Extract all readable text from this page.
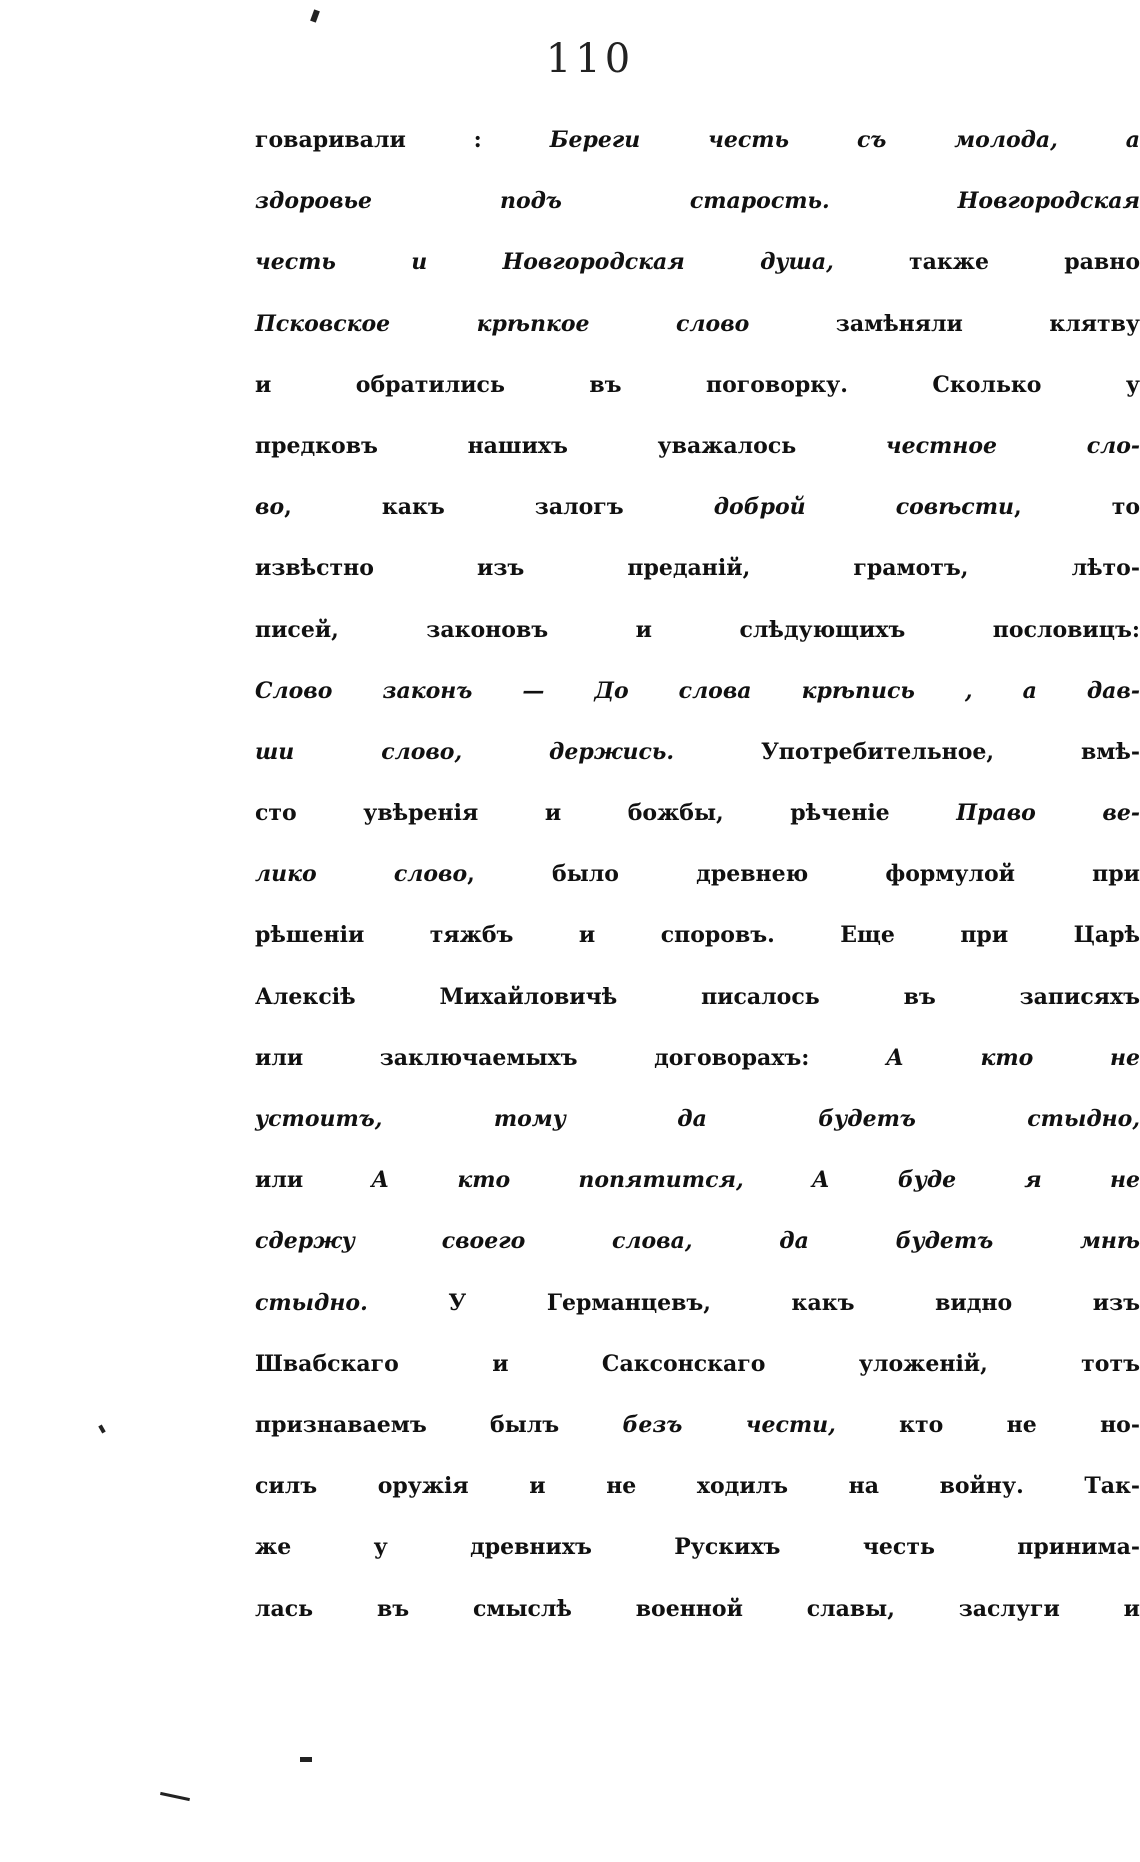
110
говаривали : Береги честь съ молода, а
здоровье подъ старость. Новгородская
честь и Новгородская душа, также равно
Псковское крѣпкое слово замѣняли клятву
и обратились въ поговорку. Сколько у
предковъ нашихъ уважалось честное сло-
во, какъ залогъ доброй совѣсти, то
извѣстно изъ преданій, грамотъ, лѣто-
писей, законовъ и слѣдующихъ пословицъ:
Слово законъ — До слова крѣпись , а дав-
ши слово, держись. Употребительное, вмѣ-
сто увѣренія и божбы, рѣченіе Право ве-
лико слово, было древнею формулой при
рѣшеніи тяжбъ и споровъ. Еще при Царѣ
Алексіѣ Михайловичѣ писалось въ записяхъ
или заключаемыхъ договорахъ: А кто не
устоитъ, тому да будетъ стыдно,
или А кто попятится, А буде я не
сдержу своего слова, да будетъ мнѣ
стыдно. У Германцевъ, какъ видно изъ
Швабскаго и Саксонскаго уложеній, тотъ
признаваемъ былъ безъ чести, кто не но-
силъ оружія и не ходилъ на войну. Так-
же у древнихъ Рускихъ честь принима-
лась въ смыслѣ военной славы, заслуги и
